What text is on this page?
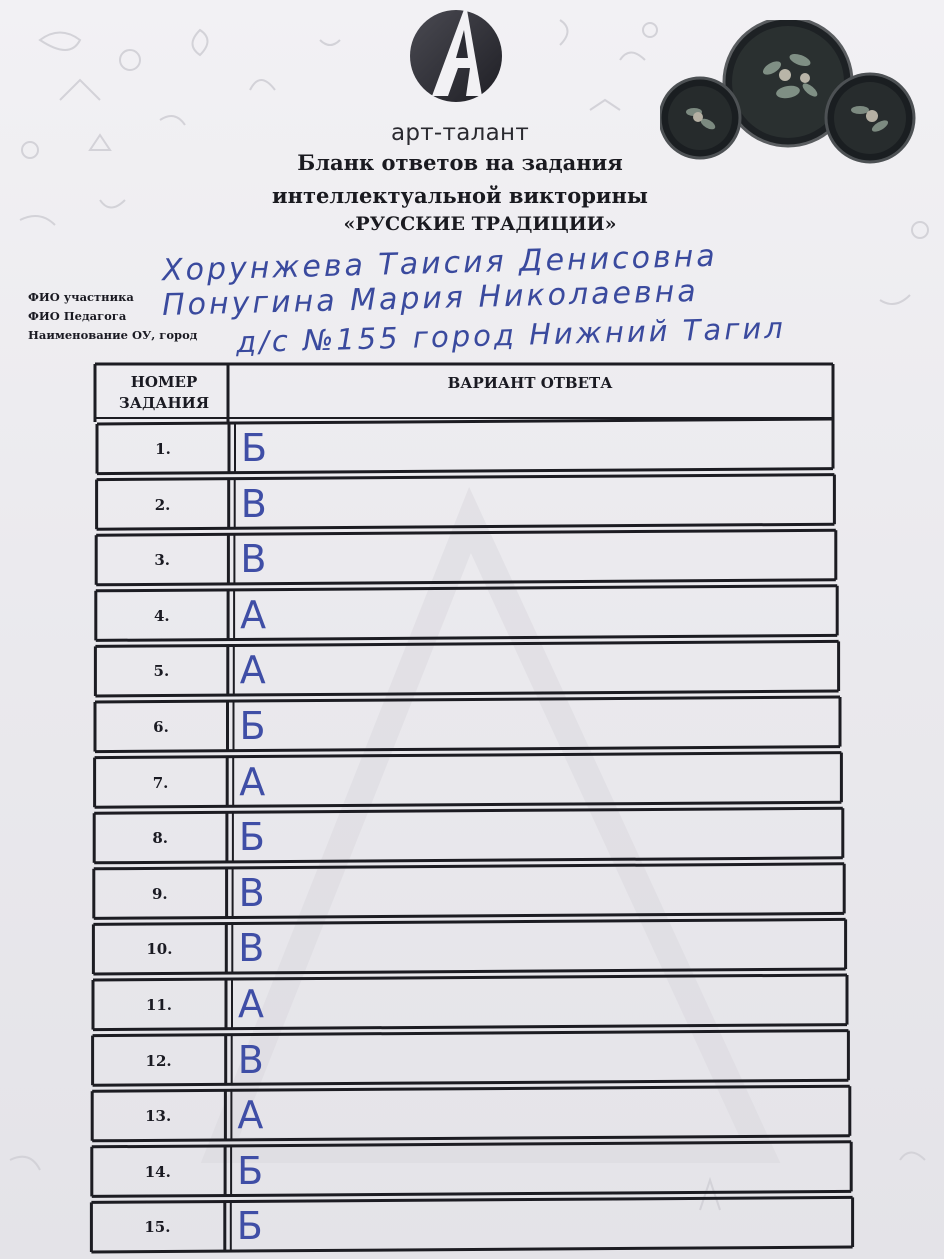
арт-талант
Бланк ответов на задания
интеллектуальной викторины
«РУССКИЕ ТРАДИЦИИ»
ФИО участника
ФИО Педагога
Наименование ОУ, город
Хорунжева Таисия Денисовна
Понугина Мария Николаевна
д/с №155 город Нижний Тагил
НОМЕР ЗАДАНИЯ
ВАРИАНТ ОТВЕТА
1.	Б
2.	В
3.	В
4.	А
5.	А
6.	Б
7.	А
8.	Б
9.	В
10.	В
11.	А
12.	В
13.	А
14.	Б
15.	Б
